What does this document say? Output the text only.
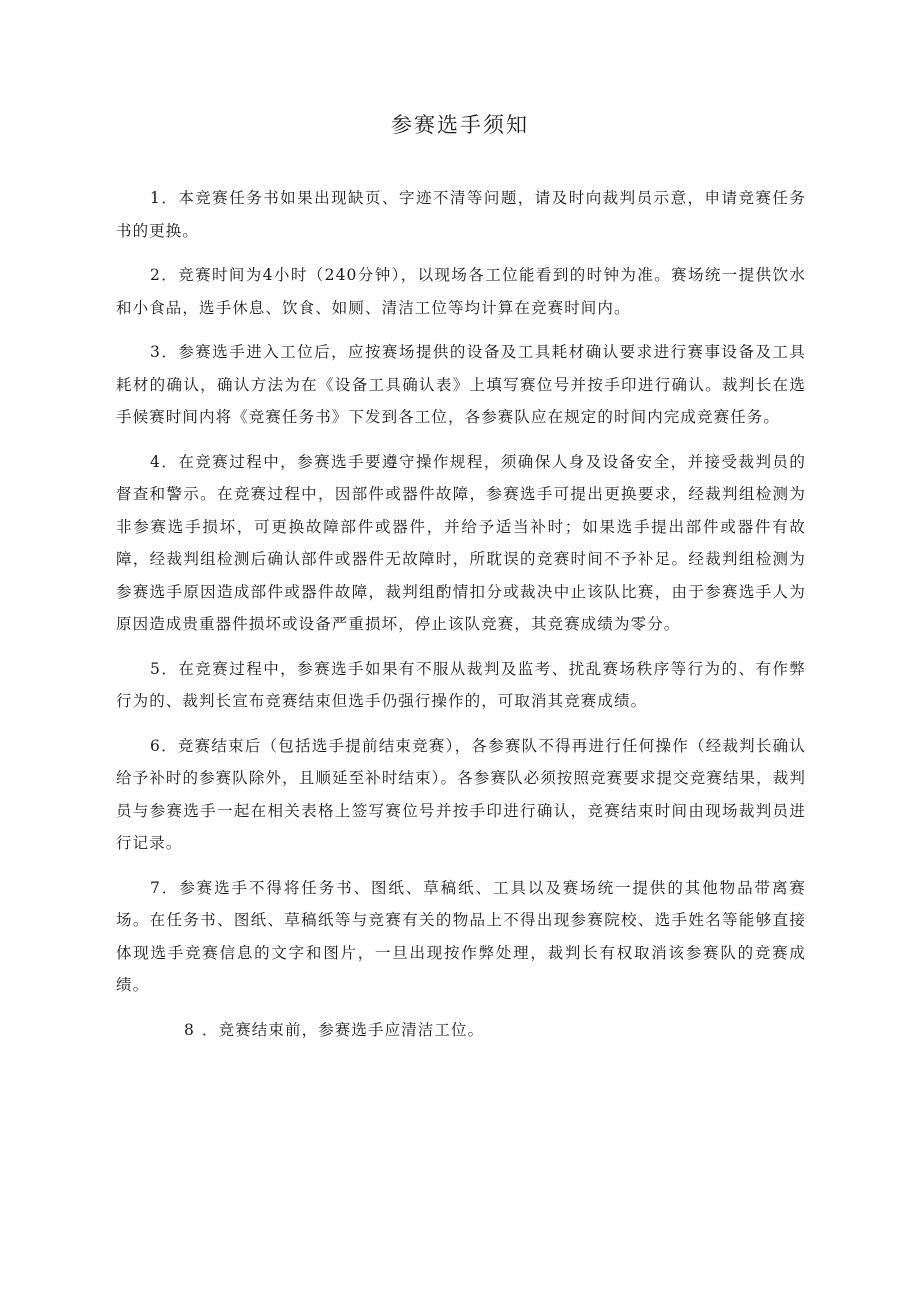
参赛选手须知

1．本竞赛任务书如果出现缺页、字迹不清等问题，请及时向裁判员示意，申请竞赛任务书的更换。

2．竞赛时间为4小时（240分钟），以现场各工位能看到的时钟为准。赛场统一提供饮水和小食品，选手休息、饮食、如厕、清洁工位等均计算在竞赛时间内。

3．参赛选手进入工位后，应按赛场提供的设备及工具耗材确认要求进行赛事设备及工具耗材的确认，确认方法为在《设备工具确认表》上填写赛位号并按手印进行确认。裁判长在选手候赛时间内将《竞赛任务书》下发到各工位，各参赛队应在规定的时间内完成竞赛任务。

4．在竞赛过程中，参赛选手要遵守操作规程，须确保人身及设备安全，并接受裁判员的督查和警示。在竞赛过程中，因部件或器件故障，参赛选手可提出更换要求，经裁判组检测为非参赛选手损坏，可更换故障部件或器件，并给予适当补时；如果选手提出部件或器件有故障，经裁判组检测后确认部件或器件无故障时，所耽误的竞赛时间不予补足。经裁判组检测为参赛选手原因造成部件或器件故障，裁判组酌情扣分或裁决中止该队比赛，由于参赛选手人为原因造成贵重器件损坏或设备严重损坏，停止该队竞赛，其竞赛成绩为零分。

5．在竞赛过程中，参赛选手如果有不服从裁判及监考、扰乱赛场秩序等行为的、有作弊行为的、裁判长宣布竞赛结束但选手仍强行操作的，可取消其竞赛成绩。

6．竞赛结束后（包括选手提前结束竞赛），各参赛队不得再进行任何操作（经裁判长确认给予补时的参赛队除外，且顺延至补时结束）。各参赛队必须按照竞赛要求提交竞赛结果，裁判员与参赛选手一起在相关表格上签写赛位号并按手印进行确认，竞赛结束时间由现场裁判员进行记录。

7．参赛选手不得将任务书、图纸、草稿纸、工具以及赛场统一提供的其他物品带离赛场。在任务书、图纸、草稿纸等与竞赛有关的物品上不得出现参赛院校、选手姓名等能够直接体现选手竞赛信息的文字和图片，一旦出现按作弊处理，裁判长有权取消该参赛队的竞赛成绩。

8 ．竞赛结束前，参赛选手应清洁工位。
